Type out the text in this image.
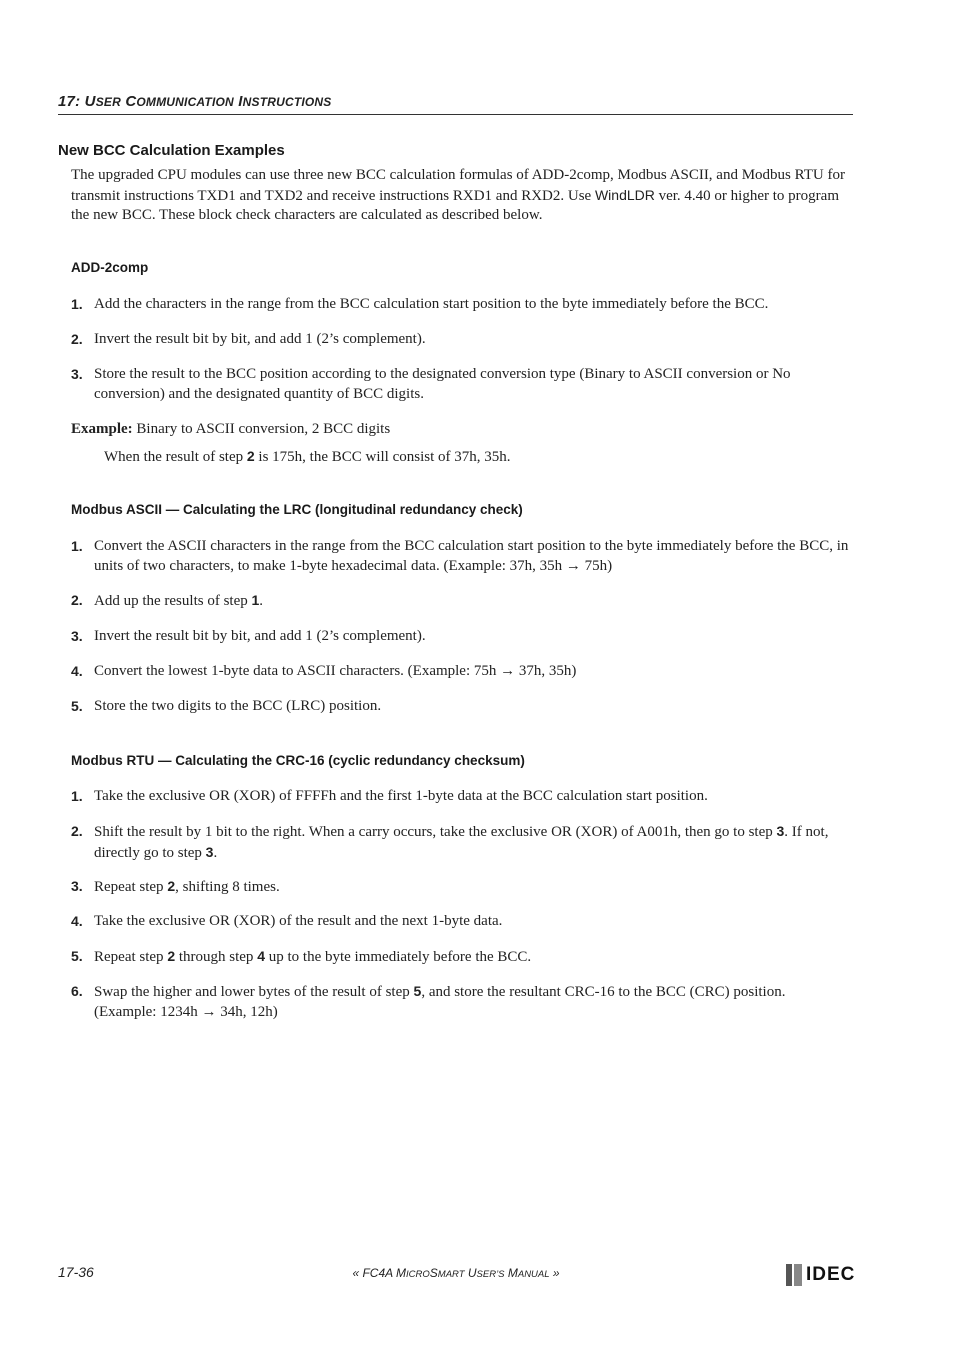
17: USER COMMUNICATION INSTRUCTIONS
New BCC Calculation Examples
The upgraded CPU modules can use three new BCC calculation formulas of ADD-2comp, Modbus ASCII, and Modbus RTU for transmit instructions TXD1 and TXD2 and receive instructions RXD1 and RXD2. Use WindLDR ver. 4.40 or higher to program the new BCC. These block check characters are calculated as described below.
ADD-2comp
1. Add the characters in the range from the BCC calculation start position to the byte immediately before the BCC.
2. Invert the result bit by bit, and add 1 (2’s complement).
3. Store the result to the BCC position according to the designated conversion type (Binary to ASCII conversion or No conversion) and the designated quantity of BCC digits.
Example: Binary to ASCII conversion, 2 BCC digits
When the result of step 2 is 175h, the BCC will consist of 37h, 35h.
Modbus ASCII — Calculating the LRC (longitudinal redundancy check)
1. Convert the ASCII characters in the range from the BCC calculation start position to the byte immediately before the BCC, in units of two characters, to make 1-byte hexadecimal data. (Example: 37h, 35h → 75h)
2. Add up the results of step 1.
3. Invert the result bit by bit, and add 1 (2’s complement).
4. Convert the lowest 1-byte data to ASCII characters. (Example: 75h → 37h, 35h)
5. Store the two digits to the BCC (LRC) position.
Modbus RTU — Calculating the CRC-16 (cyclic redundancy checksum)
1. Take the exclusive OR (XOR) of FFFFh and the first 1-byte data at the BCC calculation start position.
2. Shift the result by 1 bit to the right. When a carry occurs, take the exclusive OR (XOR) of A001h, then go to step 3. If not, directly go to step 3.
3. Repeat step 2, shifting 8 times.
4. Take the exclusive OR (XOR) of the result and the next 1-byte data.
5. Repeat step 2 through step 4 up to the byte immediately before the BCC.
6. Swap the higher and lower bytes of the result of step 5, and store the resultant CRC-16 to the BCC (CRC) position. (Example: 1234h → 34h, 12h)
17-36	« FC4A MICROSMART USER’S MANUAL »	IDEC
